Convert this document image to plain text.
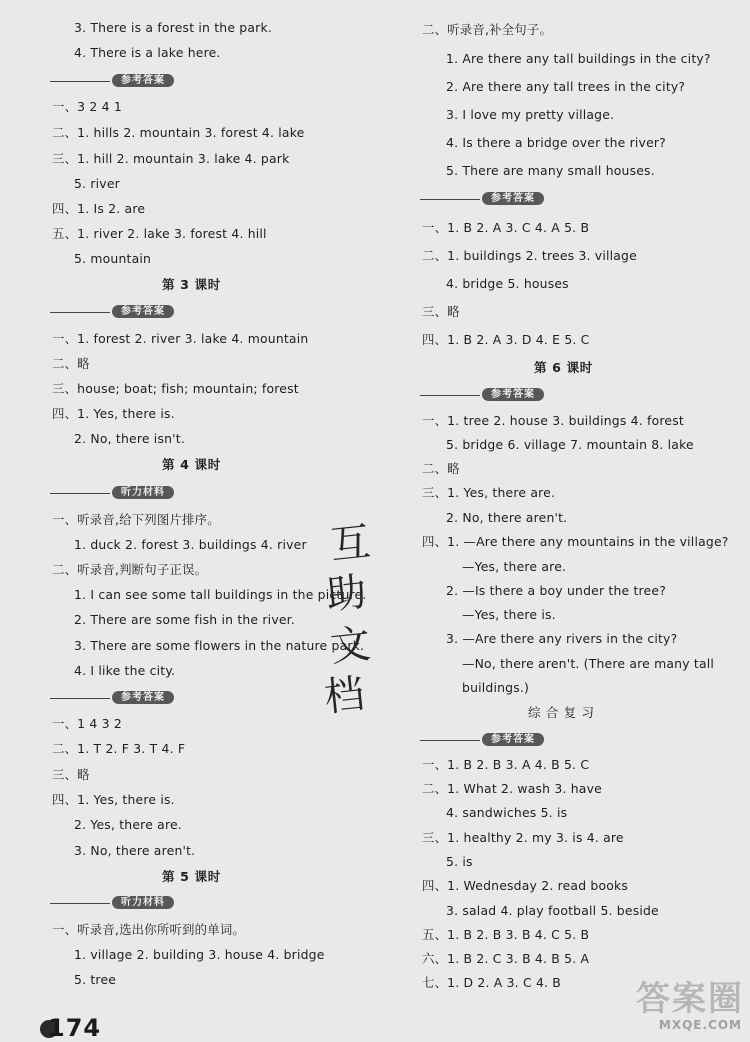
3. There is a forest in the park.
4. There is a lake here.
参考答案
一、3 2 4 1
二、1. hills 2. mountain 3. forest 4. lake
三、1. hill 2. mountain 3. lake 4. park
5. river
四、1. Is 2. are
五、1. river 2. lake 3. forest 4. hill
5. mountain
第 3 课时
参考答案
一、1. forest 2. river 3. lake 4. mountain
二、略
三、house; boat; fish; mountain; forest
四、1. Yes, there is.
2. No, there isn't.
第 4 课时
听力材料
一、听录音,给下列图片排序。
1. duck 2. forest 3. buildings 4. river
二、听录音,判断句子正误。
1. I can see some tall buildings in the picture.
2. There are some fish in the river.
3. There are some flowers in the nature park.
4. I like the city.
参考答案
一、1 4 3 2
二、1. T 2. F 3. T 4. F
三、略
四、1. Yes, there is.
2. Yes, there are.
3. No, there aren't.
第 5 课时
听力材料
一、听录音,选出你所听到的单词。
1. village 2. building 3. house 4. bridge
5. tree
互
助
文
档
174
二、听录音,补全句子。
1. Are there any tall buildings in the city?
2. Are there any tall trees in the city?
3. I love my pretty village.
4. Is there a bridge over the river?
5. There are many small houses.
参考答案
一、1. B 2. A 3. C 4. A 5. B
二、1. buildings 2. trees 3. village
4. bridge 5. houses
三、略
四、1. B 2. A 3. D 4. E 5. C
第 6 课时
参考答案
一、1. tree 2. house 3. buildings 4. forest
5. bridge 6. village 7. mountain 8. lake
二、略
三、1. Yes, there are.
2. No, there aren't.
四、1. —Are there any mountains in the village?
—Yes, there are.
2. —Is there a boy under the tree?
—Yes, there is.
3. —Are there any rivers in the city?
—No, there aren't. (There are many tall
buildings.)
综 合 复 习
参考答案
一、1. B 2. B 3. A 4. B 5. C
二、1. What 2. wash 3. have
4. sandwiches 5. is
三、1. healthy 2. my 3. is 4. are
5. is
四、1. Wednesday 2. read books
3. salad 4. play football 5. beside
五、1. B 2. B 3. B 4. C 5. B
六、1. B 2. C 3. B 4. B 5. A
七、1. D 2. A 3. C 4. B 答案圈
MXQE.COM
